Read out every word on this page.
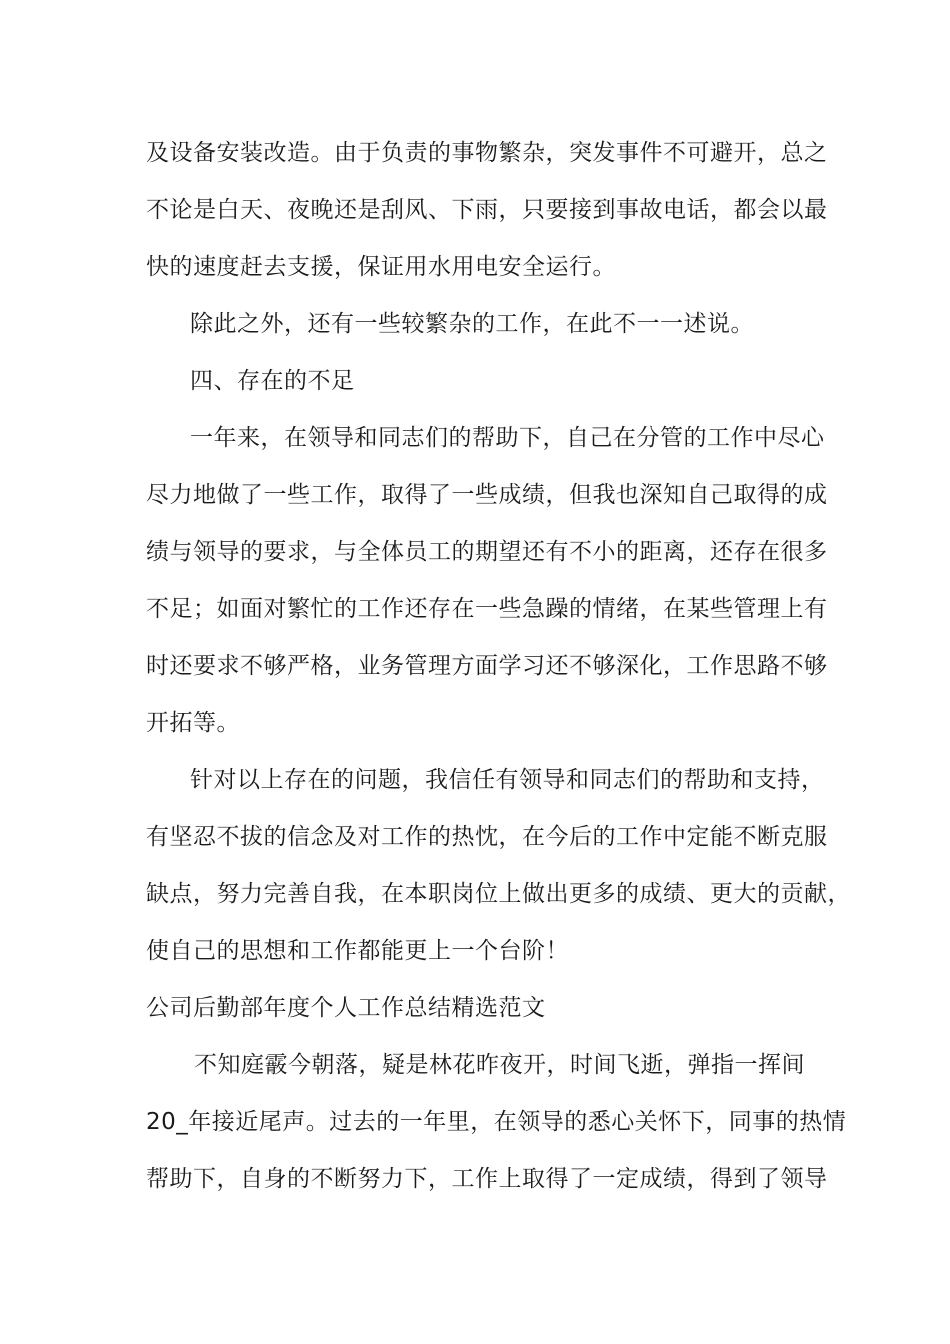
及设备安装改造。由于负责的事物繁杂，突发事件不可避开，总之
不论是白天、夜晚还是刮风、下雨，只要接到事故电话，都会以最
快的速度赶去支援，保证用水用电安全运行。
除此之外，还有一些较繁杂的工作，在此不一一述说。
四、存在的不足
一年来，在领导和同志们的帮助下，自己在分管的工作中尽心
尽力地做了一些工作，取得了一些成绩，但我也深知自己取得的成
绩与领导的要求，与全体员工的期望还有不小的距离，还存在很多
不足；如面对繁忙的工作还存在一些急躁的情绪，在某些管理上有
时还要求不够严格，业务管理方面学习还不够深化，工作思路不够
开拓等。
针对以上存在的问题，我信任有领导和同志们的帮助和支持，
有坚忍不拔的信念及对工作的热忱，在今后的工作中定能不断克服
缺点，努力完善自我，在本职岗位上做出更多的成绩、更大的贡献，
使自己的思想和工作都能更上一个台阶！
公司后勤部年度个人工作总结精选范文
不知庭霰今朝落，疑是林花昨夜开，时间飞逝，弹指一挥间
20_年接近尾声。过去的一年里，在领导的悉心关怀下，同事的热情
帮助下，自身的不断努力下，工作上取得了一定成绩，得到了领导
